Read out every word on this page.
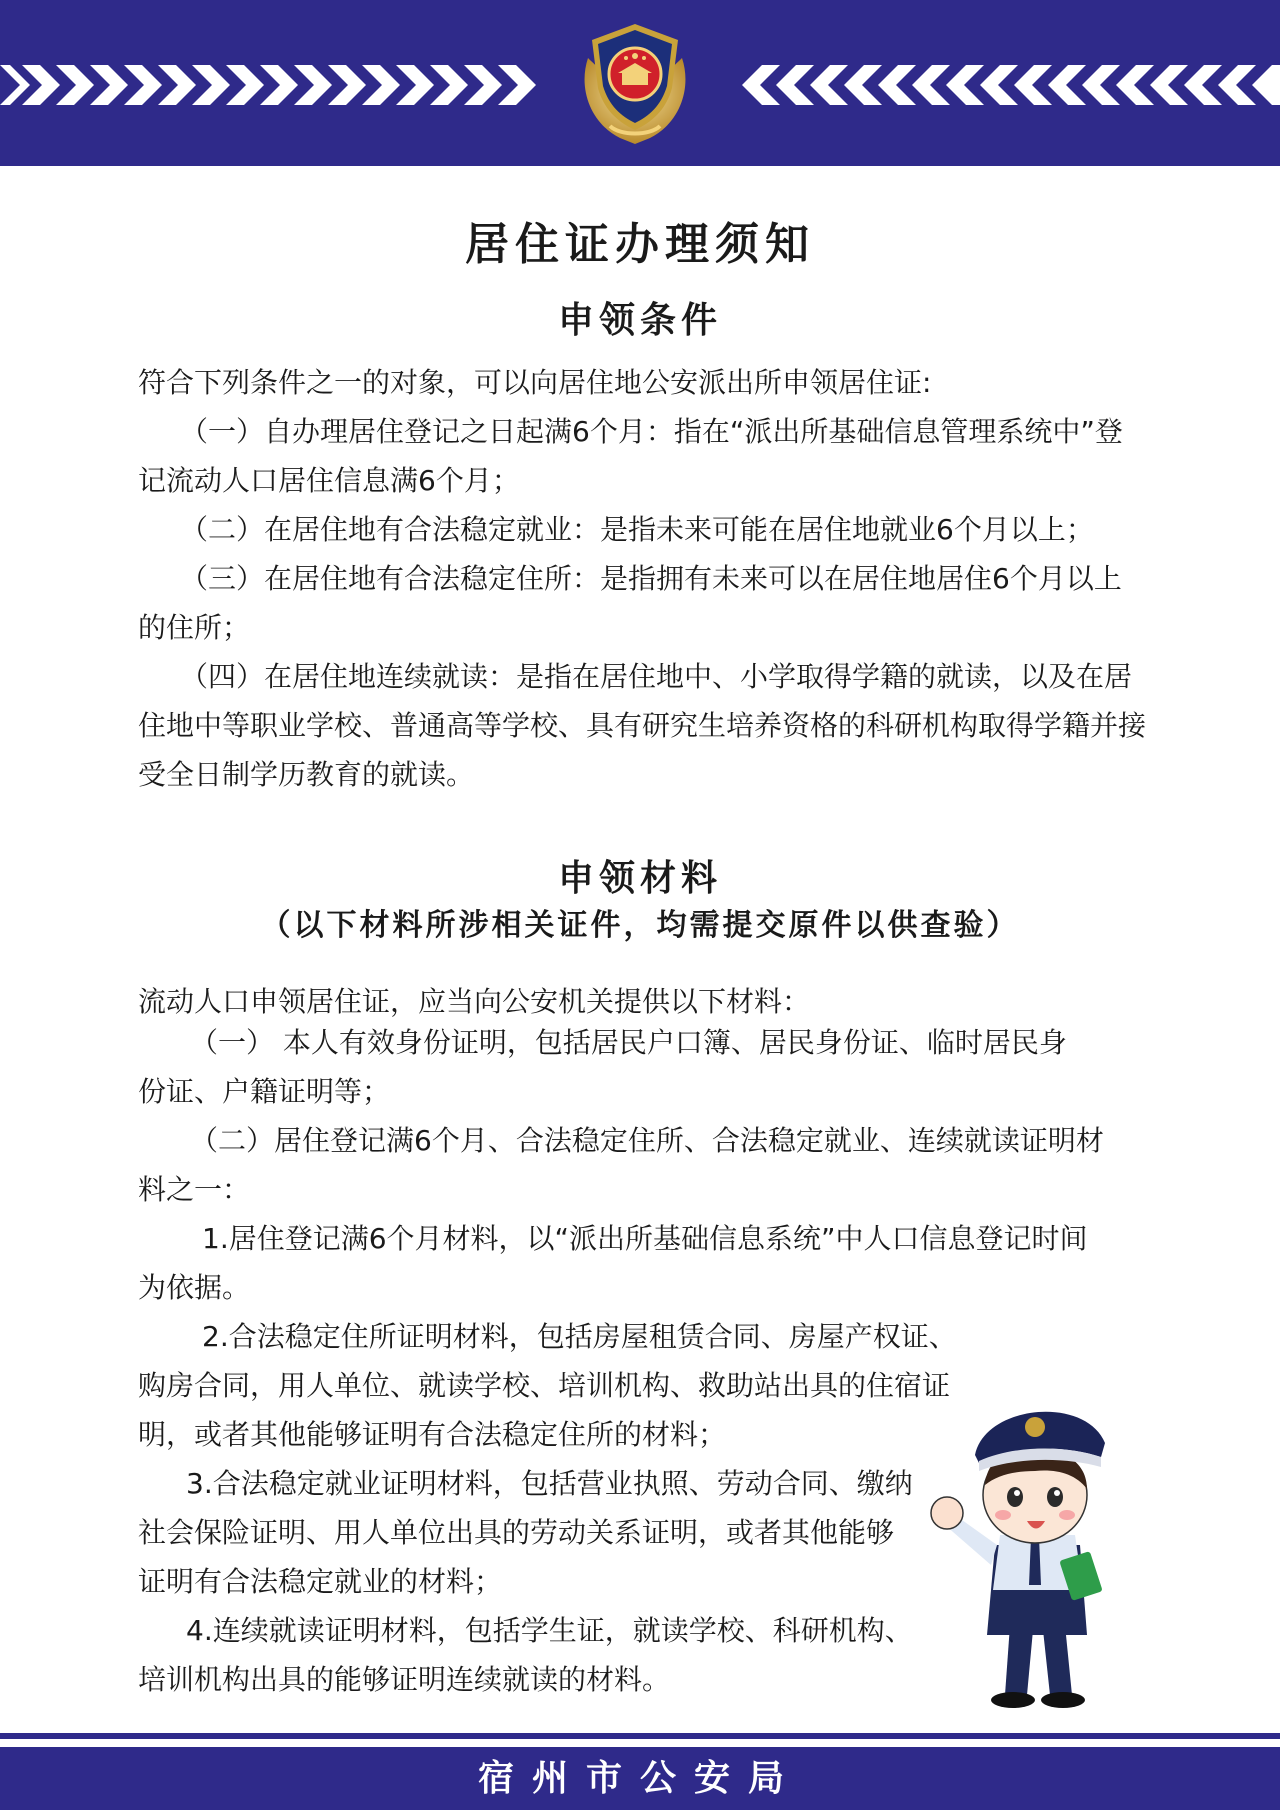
居住证办理须知
申领条件

符合下列条件之一的对象，可以向居住地公安派出所申领居住证:

（一）自办理居住登记之日起满6个月：指在“派出所基础信息管理系统中”登记流动人口居住信息满6个月；

（二）在居住地有合法稳定就业：是指未来可能在居住地就业6个月以上；

（三）在居住地有合法稳定住所：是指拥有未来可以在居住地居住6个月以上的住所；

（四）在居住地连续就读：是指在居住地中、小学取得学籍的就读，以及在居住地中等职业学校、普通高等学校、具有研究生培养资格的科研机构取得学籍并接受全日制学历教育的就读。

申领材料
（以下材料所涉相关证件，均需提交原件以供查验）

流动人口申领居住证，应当向公安机关提供以下材料：

（一） 本人有效身份证明，包括居民户口簿、居民身份证、临时居民身份证、户籍证明等；

（二）居住登记满6个月、合法稳定住所、合法稳定就业、连续就读证明材料之一：

1.居住登记满6个月材料，以“派出所基础信息系统”中人口信息登记时间为依据。

2.合法稳定住所证明材料，包括房屋租赁合同、房屋产权证、购房合同，用人单位、就读学校、培训机构、救助站出具的住宿证明，或者其他能够证明有合法稳定住所的材料；

3.合法稳定就业证明材料，包括营业执照、劳动合同、缴纳社会保险证明、用人单位出具的劳动关系证明，或者其他能够证明有合法稳定就业的材料；

4.连续就读证明材料，包括学生证，就读学校、科研机构、培训机构出具的能够证明连续就读的材料。

宿州市公安局
